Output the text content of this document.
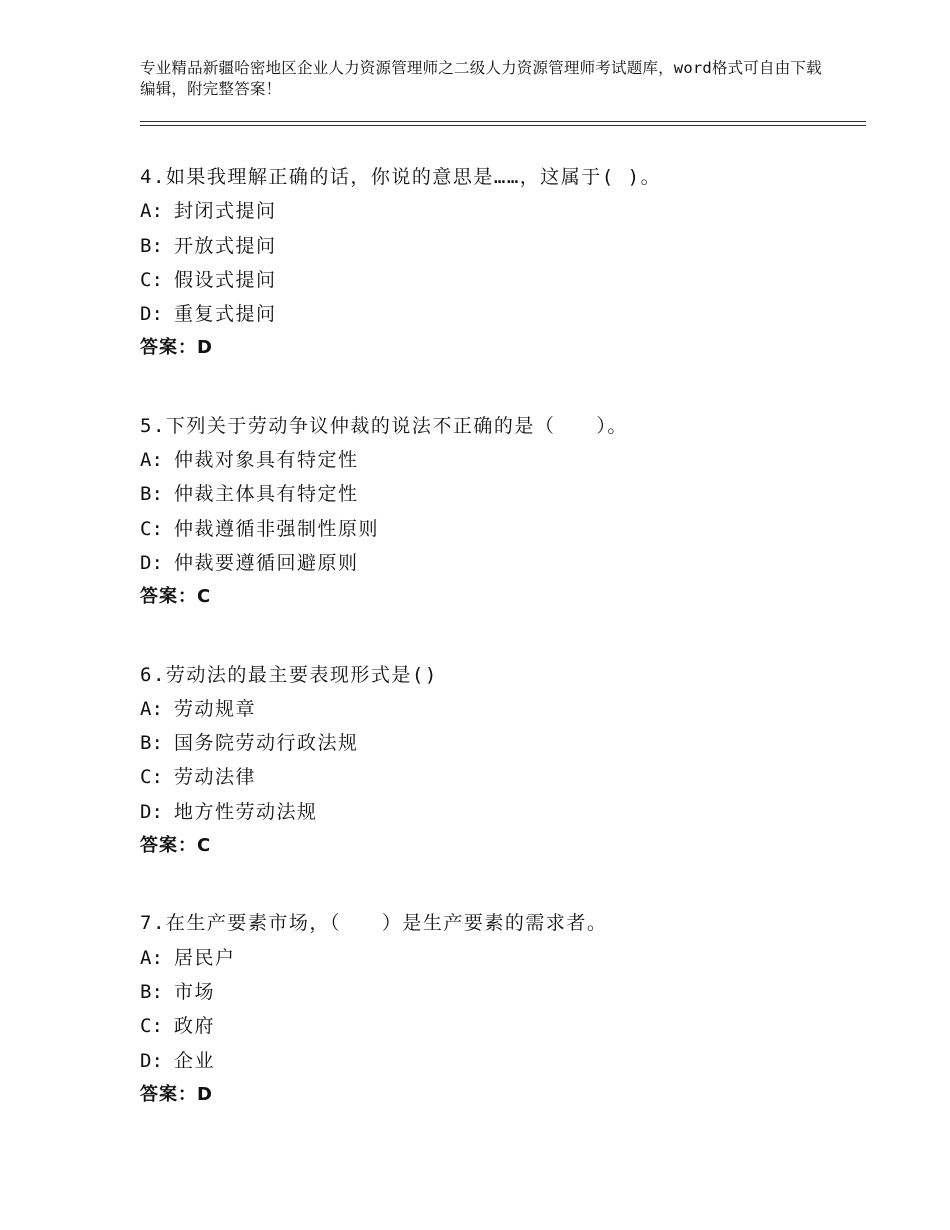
专业精品新疆哈密地区企业人力资源管理师之二级人力资源管理师考试题库，word格式可自由下载编辑，附完整答案！
4.如果我理解正确的话，你说的意思是……，这属于( )。
A: 封闭式提问
B: 开放式提问
C: 假设式提问
D: 重复式提问
答案：D
5.下列关于劳动争议仲裁的说法不正确的是（　　）。
A: 仲裁对象具有特定性
B: 仲裁主体具有特定性
C: 仲裁遵循非强制性原则
D: 仲裁要遵循回避原则
答案：C
6.劳动法的最主要表现形式是()
A: 劳动规章
B: 国务院劳动行政法规
C: 劳动法律
D: 地方性劳动法规
答案：C
7.在生产要素市场，（　　）是生产要素的需求者。
A: 居民户
B: 市场
C: 政府
D: 企业
答案：D
